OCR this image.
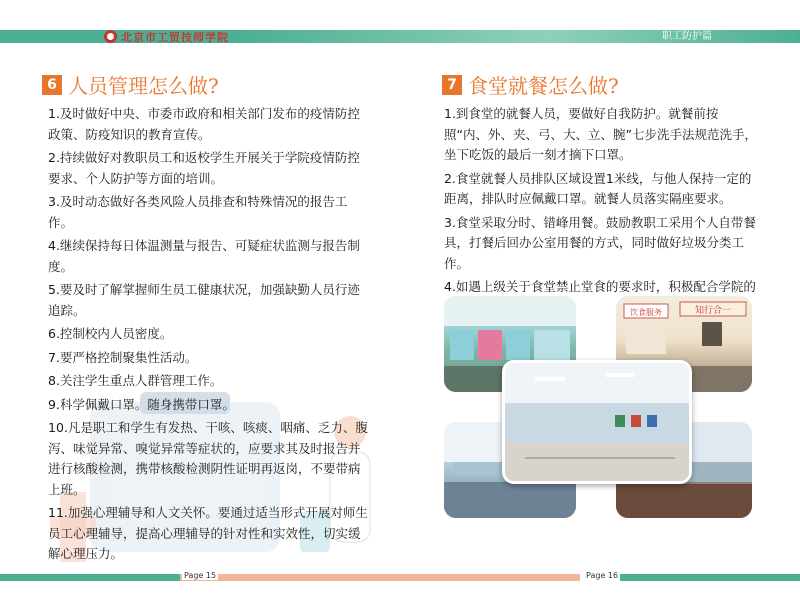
北京市工贸技师学院	职工防护篇
6 人员管理怎么做?

1.及时做好中央、市委市政府和相关部门发布的疫情防控政策、防疫知识的教育宣传。

2.持续做好对教职员工和返校学生开展关于学院疫情防控要求、个人防护等方面的培训。

3.及时动态做好各类风险人员排查和特殊情况的报告工作。

4.继续保持每日体温测量与报告、可疑症状监测与报告制度。

5.要及时了解掌握师生员工健康状况，加强缺勤人员行迹追踪。

6.控制校内人员密度。

7.要严格控制聚集性活动。

8.关注学生重点人群管理工作。

9.科学佩戴口罩。随身携带口罩。

10.凡是职工和学生有发热、干咳、咳痰、咽痛、乏力、腹泻、味觉异常、嗅觉异常等症状的，应要求其及时报告并进行核酸检测，携带核酸检测阴性证明再返岗，不要带病上班。

11.加强心理辅导和人文关怀。要通过适当形式开展对师生员工心理辅导，提高心理辅导的针对性和实效性，切实缓解心理压力。

7 食堂就餐怎么做?

1.到食堂的就餐人员，要做好自我防护。就餐前按照“内、外、夹、弓、大、立、腕”七步洗手法规范洗手，坐下吃饭的最后一刻才摘下口罩。

2.食堂就餐人员排队区域设置1米线，与他人保持一定的距离，排队时应佩戴口罩。就餐人员落实隔座要求。

3.食堂采取分时、错峰用餐。鼓励教职工采用个人自带餐具，打餐后回办公室用餐的方式，同时做好垃圾分类工作。

4.如遇上级关于食堂禁止堂食的要求时，积极配合学院的

饮食服务	知行合一
Page 15	Page 16
